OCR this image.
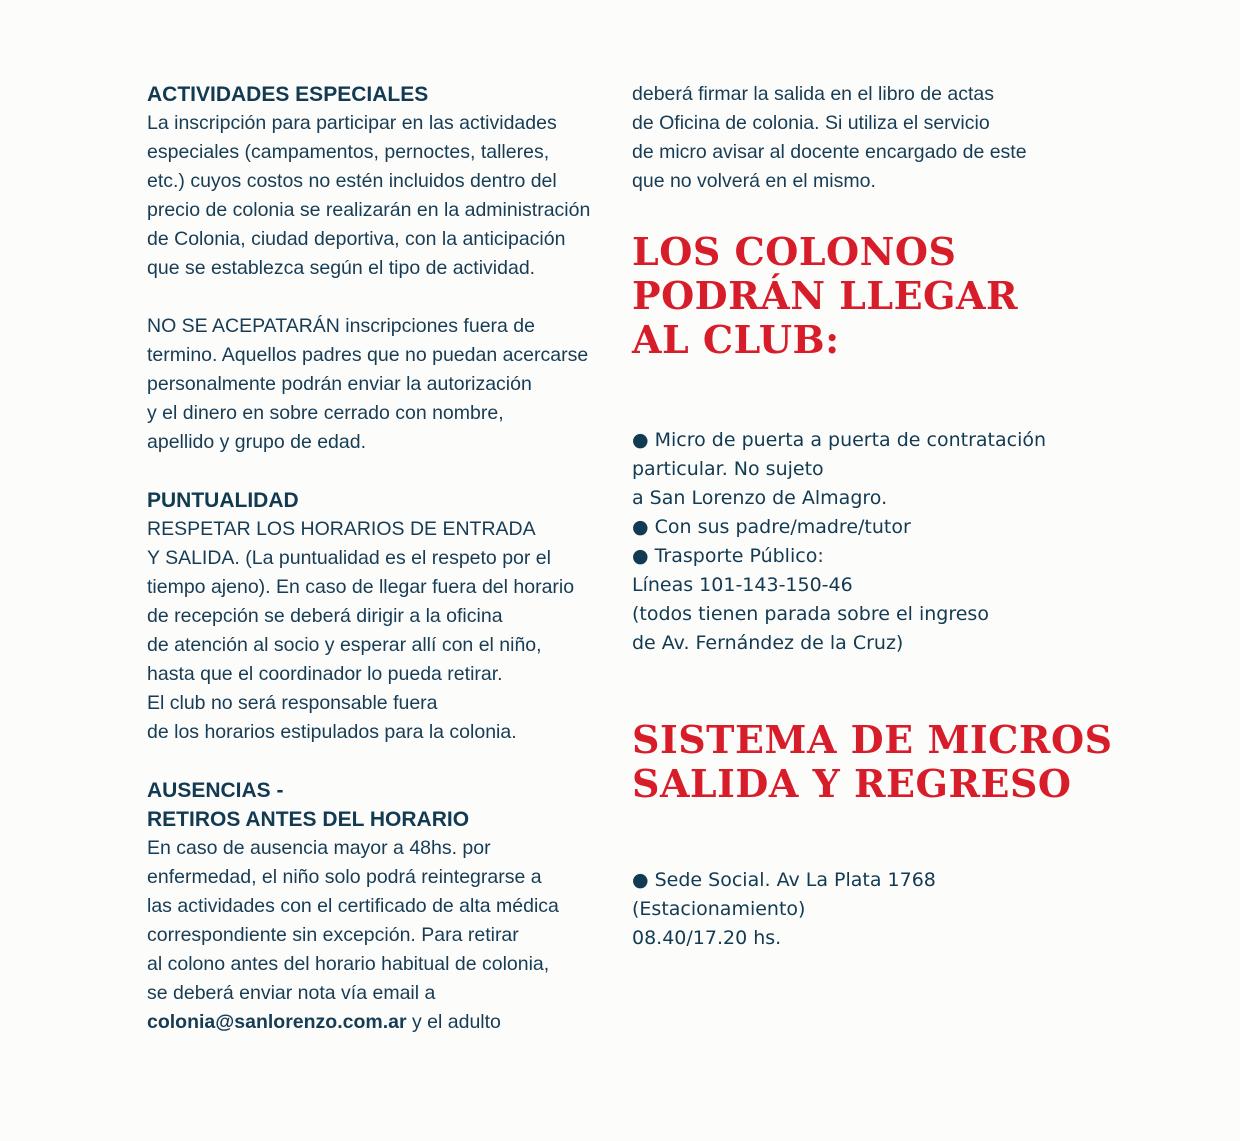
ACTIVIDADES ESPECIALES

La inscripción para participar en las actividades
especiales (campamentos, pernoctes, talleres,
etc.) cuyos costos no estén incluidos dentro del
precio de colonia se realizarán en la administración
de Colonia, ciudad deportiva, con la anticipación
que se establezca según el tipo de actividad.

NO SE ACEPATARÁN inscripciones fuera de
termino. Aquellos padres que no puedan acercarse
personalmente podrán enviar la autorización
y el dinero en sobre cerrado con nombre,
apellido y grupo de edad.

PUNTUALIDAD

RESPETAR LOS HORARIOS DE ENTRADA
Y SALIDA. (La puntualidad es el respeto por el
tiempo ajeno). En caso de llegar fuera del horario
de recepción se deberá dirigir a la oficina
de atención al socio y esperar allí con el niño,
hasta que el coordinador lo pueda retirar.
El club no será responsable fuera
de los horarios estipulados para la colonia.

AUSENCIAS -
RETIROS ANTES DEL HORARIO

En caso de ausencia mayor a 48hs. por
enfermedad, el niño solo podrá reintegrarse a
las actividades con el certificado de alta médica
correspondiente sin excepción. Para retirar
al colono antes del horario habitual de colonia,
se deberá enviar nota vía email a
colonia@sanlorenzo.com.ar y el adulto

deberá firmar la salida en el libro de actas
de Oficina de colonia. Si utiliza el servicio
de micro avisar al docente encargado de este
que no volverá en el mismo.

LOS COLONOS
PODRÁN LLEGAR
AL CLUB:

● Micro de puerta a puerta de contratación
particular. No sujeto
a San Lorenzo de Almagro.
● Con sus padre/madre/tutor
● Trasporte Público:
Líneas 101-143-150-46
(todos tienen parada sobre el ingreso
de Av. Fernández de la Cruz)

SISTEMA DE MICROS
SALIDA Y REGRESO

● Sede Social. Av La Plata 1768
(Estacionamiento)
08.40/17.20 hs.
